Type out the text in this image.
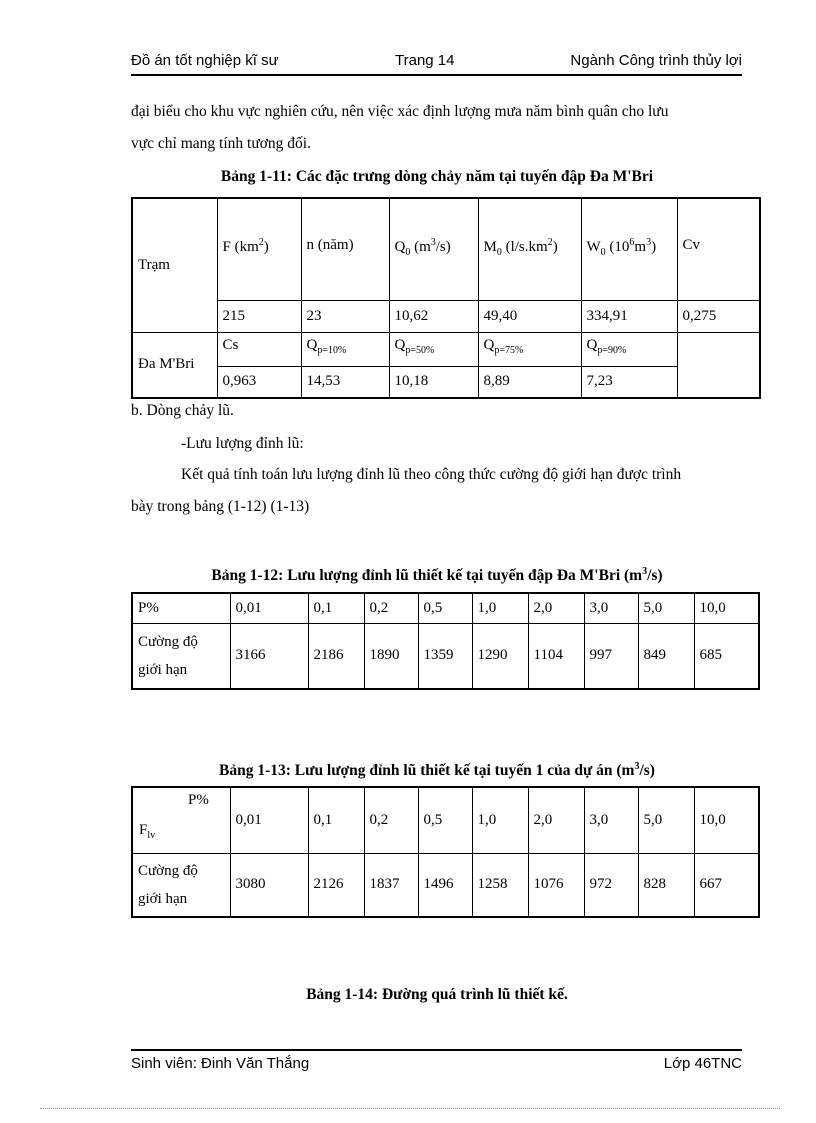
Đồ án tốt nghiệp kĩ sư	Trang 14	Ngành Công trình thủy lợi

đại biểu cho khu vực nghiên cứu, nên việc xác định lượng mưa năm bình quân cho lưu

vực chỉ mang tính tương đối.

Bảng 1-11: Các đặc trưng dòng chảy năm tại tuyến đập Đa M'Bri

Trạm	F $(km^2)$	n (năm)	$Q_0$ $(m^3/s)$	$M_0$ $(l/s.km^2)$	$W_0$ $(10^6m^3)$	Cv
	215	23	10,62	49,40	334,91	0,275
Đa M'Bri	Cs	$Q_{p=10\%}$	$Q_{p=50\%}$	$Q_{p=75\%}$	$Q_{p=90\%}$	
	0,963	14,53	10,18	8,89	7,23	

b. Dòng chảy lũ.

-Lưu lượng đỉnh lũ:

Kết quả tính toán lưu lượng đỉnh lũ theo công thức cường độ giới hạn được trình

bày trong bảng (1-12) (1-13)

Bảng 1-12: Lưu lượng đỉnh lũ thiết kế tại tuyến đập Đa M'Bri $(m^3/s)$

P%	0,01	0,1	0,2	0,5	1,0	2,0	3,0	5,0	10,0
Cường độ
giới hạn	3166	2186	1890	1359	1290	1104	997	849	685

Bảng 1-13: Lưu lượng đỉnh lũ thiết kế tại tuyến 1 của dự án $(m^3/s)$

P%
$F_{lv}$	0,01	0,1	0,2	0,5	1,0	2,0	3,0	5,0	10,0
Cường độ
giới hạn	3080	2126	1837	1496	1258	1076	972	828	667

Bảng 1-14: Đường quá trình lũ thiết kế.

Sinh viên: Đinh Văn Thắng	Lớp 46TNC
